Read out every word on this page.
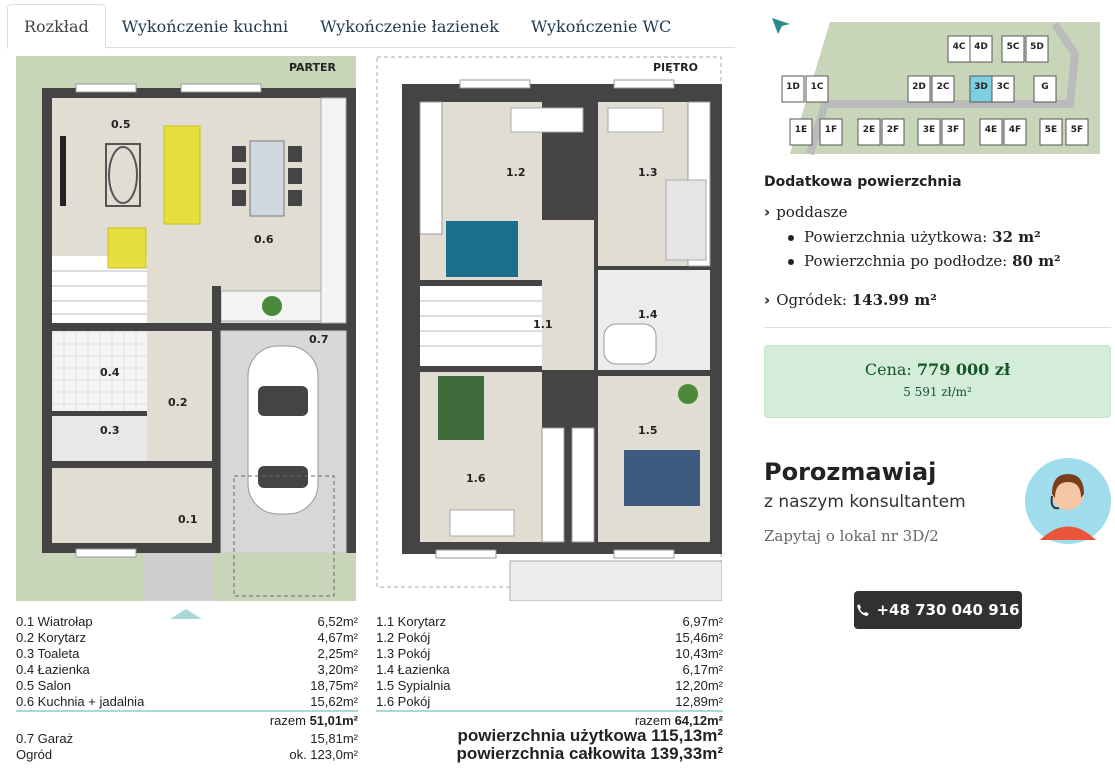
Rozkład	Wykończenie kuchni	Wykończenie łazienek	Wykończenie WC
0.5
0.6
0.7
0.4
0.2
0.3
0.1
PARTER
1.2	1.3
1.1
1.4
1.6
1.5
PIĘTRO
0.1 Wiatrołap	6,52m²
0.2 Korytarz	4,67m²
0.3 Toaleta	2,25m²
0.4 Łazienka	3,20m²
0.5 Salon	18,75m²
0.6 Kuchnia + jadalnia	15,62m²
razem 51,01m²
0.7 Garaż	15,81m²
Ogród	ok. 123,0m²
1.1 Korytarz	6,97m²
1.2 Pokój	15,46m²
1.3 Pokój	10,43m²
1.4 Łazienka	6,17m²
1.5 Sypialnia	12,20m²
1.6 Pokój	12,89m²
razem 64,12m²
powierzchnia użytkowa 115,13m²
powierzchnia całkowita 139,33m²
4C 4D 5C 5D
1D 1C	2D 2C	3D 3C	G
1E 1F	2E 2F	3E 3F	4E 4F	5E 5F
Dodatkowa powierzchnia
› poddasze
Powierzchnia użytkowa: 32 m²
Powierzchnia po podłodze: 80 m²
› Ogródek: 143.99 m²
Cena: 779 000 zł
5 591 zł/m²
Porozmawiaj
z naszym konsultantem
Zapytaj o lokal nr 3D/2
+48 730 040 916
